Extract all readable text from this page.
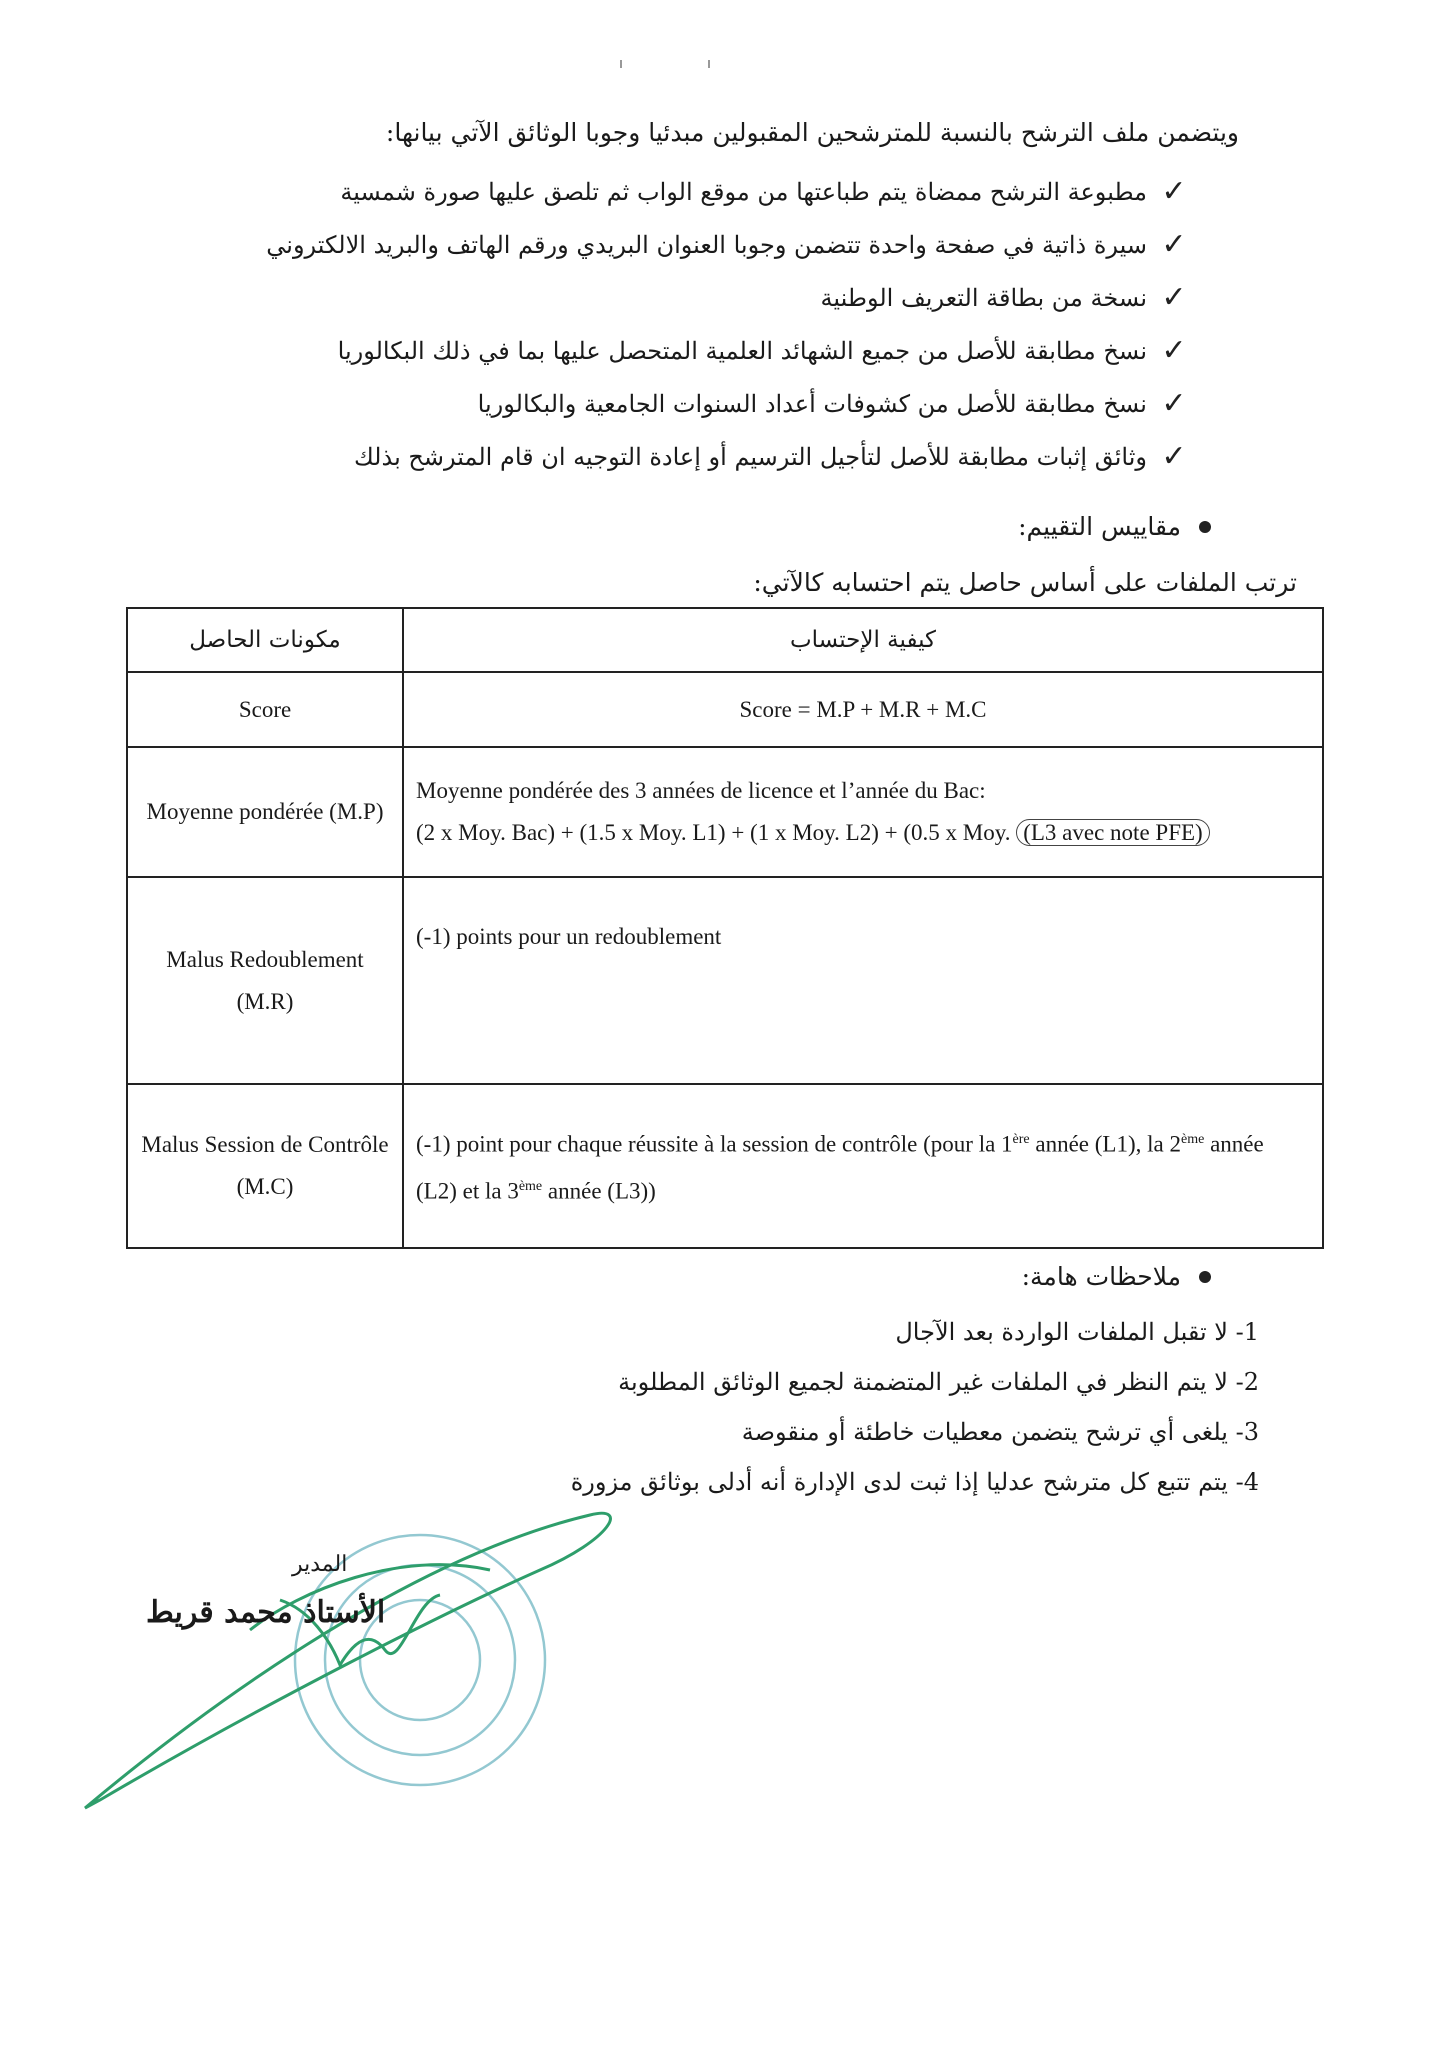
ويتضمن ملف الترشح بالنسبة للمترشحين المقبولين مبدئيا وجوبا الوثائق الآتي بيانها:
✓
مطبوعة الترشح ممضاة يتم طباعتها من موقع الواب ثم تلصق عليها صورة شمسية
✓
سيرة ذاتية في صفحة واحدة تتضمن وجوبا العنوان البريدي ورقم الهاتف والبريد الالكتروني
✓
نسخة من بطاقة التعريف الوطنية
✓
نسخ مطابقة للأصل من جميع الشهائد العلمية المتحصل عليها بما في ذلك البكالوريا
✓
نسخ مطابقة للأصل من كشوفات أعداد السنوات الجامعية والبكالوريا
✓
وثائق إثبات مطابقة للأصل لتأجيل الترسيم أو إعادة التوجيه ان قام المترشح بذلك
مقاييس التقييم:
ترتب الملفات على أساس حاصل يتم احتسابه كالآتي:
مكونات الحاصل	كيفية الإحتساب
Score	Score = M.P + M.R + M.C
Moyenne pondérée (M.P)	Moyenne pondérée des 3 années de licence et l’année du Bac:
(2 x Moy. Bac) + (1.5 x Moy. L1) + (1 x Moy. L2) + (0.5 x Moy. (L3 avec note PFE)

Malus Redoublement (M.R)	(-1) points pour un redoublement
Malus Session de Contrôle (M.C)	(-1) point pour chaque réussite à la session de contrôle (pour la 1ère année (L1), la 2ème année (L2) et la 3ème année (L3))
ملاحظات هامة:
1- لا تقبل الملفات الواردة بعد الآجال
2- لا يتم النظر في الملفات غير المتضمنة لجميع الوثائق المطلوبة
3- يلغى أي ترشح يتضمن معطيات خاطئة أو منقوصة
4- يتم تتبع كل مترشح عدليا إذا ثبت لدى الإدارة أنه أدلى بوثائق مزورة
المدير
الأستاذ محمد قريط
